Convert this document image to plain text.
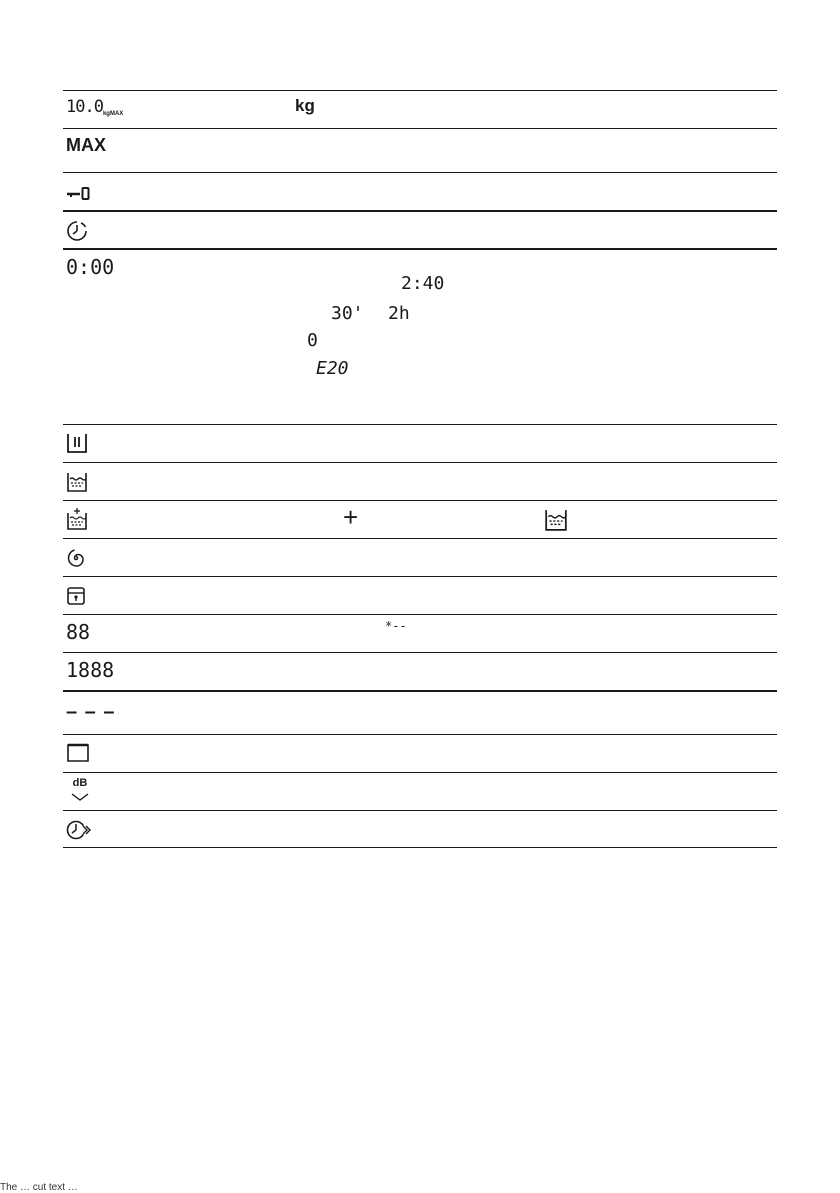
10.0kgMAX	kg
MAX
0:00
2:40
30' 2h
0
E20
+
88	*--
1888
– – –
dB
The … cut text …
